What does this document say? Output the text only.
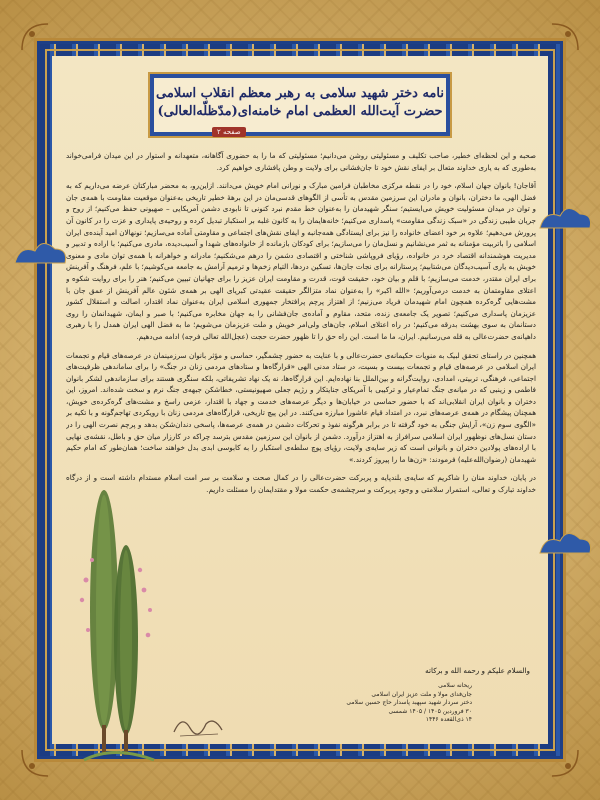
نامه دختر شهید سلامی به رهبر معظم انقلاب اسلامی
حضرت آیت‌الله العظمی امام خامنه‌ای(مدّظلّه‌العالی)
صفحه ۲

صحبه و این لحظه‌ای خطیر، صاحب تکلیف و مسئولیتی روشن می‌دانیم؛ مسئولیتی که ما را به حضوری آگاهانه، متعهدانه و استوار در این میدان فرامی‌خواند به‌طوری که به یاری خداوند متعال بر ایفای نقش خود تا جان‌فشانی برای ولایت و وطن پافشاری خواهیم کرد.

آقاجان! بانوان جهان اسلام، خود را در نقطه مرکزی مخاطبان فرامین مبارک و نورانی امام خویش می‌دانند. ازاین‌رو، به محضر مبارکتان عرضه می‌داریم که به فضل الهی، ما دختران، بانوان و مادران این سرزمین مقدس به تأسی از الگوهای قدسی‌مان در این برههٔ خطیر تاریخی به‌عنوان موقعیت مقاومت با همه‌ی جان و توان در میدان مسئولیت خویش می‌ایستیم؛ سنگر شهیدمان را به‌عنوان خط مقدم نبرد کنونی تا نابودی دشمن آمریکایی – صهیونی حفظ می‌کنیم؛ از روح و جریان طیبی زندگی در «سبک زندگی مقاومت» پاسداری می‌کنیم؛ خانه‌هایمان را به کانون غلبه بر استکبار تبدیل کرده و روحیه‌ی پایداری و عزت را در کانون آن پرورش می‌دهیم؛ علاوه بر خود اعضای خانواده را نیز برای ایستادگی همه‌جانبه و ایفای نقش‌های اجتماعی و مقاومتی آماده می‌سازیم؛ نونهالان امید آینده‌ی ایران اسلامی را باتربیت مؤمنانه به ثمر می‌نشانیم و نسل‌مان را می‌سازیم؛ برای کودکان بازمانده از خانواده‌های شهدا و آسیب‌دیده، مادری می‌کنیم؛ با اراده و تدبیر و مدیریت هوشمندانه اقتصاد خرد در خانواده، رؤیای فروپاشی شناختی و اقتصادی دشمن را درهم می‌شکنیم؛ مادرانه و خواهرانه با همه‌ی توان مادی و معنوی خویش به یاری آسیب‌دیدگان می‌شتابیم؛ پرستارانه برای نجات جان‌ها، تسکین دردها، التیام زخم‌ها و ترمیم آرامش به جامعه می‌کوشیم؛ با علم، فرهنگ و آفرینش برای ایران مقتدر، خدمت می‌سازیم؛ با قلم و بیان خود، حقیقت قوت، قدرت و مقاومت ایران عزیز را برای جهانیان تبیین می‌کنیم؛ هنر را برای روایت شکوه و اعتلای مقاومتمان به خدمت درمی‌آوریم؛ «الله اکبر» را به‌عنوان نماد متزالگر حقیقت عقیدتی کبریای الهی بر همه‌ی شئون عالم آفرینش از عمق جان با مشت‌هایی گره‌کرده همچون امام شهیدمان فریاد می‌زنیم؛ از اهتزاز پرچم پرافتخار جمهوری اسلامی ایران به‌عنوان نماد اقتدار، اصالت و استقلال کشور عزیزمان پاسداری می‌کنیم؛ تصویر یک جامعه‌ی زنده، متحد، مقاوم و آماده‌ی جان‌فشانی را به جهان مخابره می‌کنیم؛ با صبر و ایمان، شهیدانمان را روی دستانمان به سوی بهشت بدرقه می‌کنیم؛ در راه اعتلای اسلام، جان‌های ولی‌امر خویش و ملت عزیزمان می‌شویم؛ ما به فضل الهی ایران همدل را با رهبری داهیانه‌ی حضرت‌عالی به قله می‌رسانیم. ایران، ما ما است. این راه حق را تا ظهور حضرت حجت (عجل‌الله تعالی فرجه) ادامه می‌دهیم.

همچنین در راستای تحقق لبیک به منویات حکیمانه‌ی حضرت‌عالی و با عنایت به حضور چشمگیر، حماسی و مؤثر بانوان سرزمینمان در عرصه‌های قیام و تجمعات ایران اسلامی در عرصه‌های قیام و تجمعات بیست و بسیت، در ستاد مدنی الهی «قرارگاه‌ها و ستادهای مردمی زنان در جنگ» را برای ساماندهی ظرفیت‌های اجتماعی، فرهنگی، تربیتی، امدادی، روایت‌گرانه و بین‌الملل بنا نهاده‌ایم. این قرارگاه‌ها، نه یک نهاد تشریفاتی، بلکه سنگری هستند برای سازماندهی لشکر بانوان فاطمی و زینبی که در میانه‌ی جنگ تمام‌عیار و ترکیبی با آمریکای جنایتکار و رژیم جعلی صهیونیستی، خطاشکن جبهه‌ی جنگ نرم و سخت شده‌اند. امروز، این دختران و بانوان ایران انقلابی‌اند که با حضور حماسی در خیابان‌ها و دیگر عرصه‌های خدمت و جهاد با اقتدار، عزمی راسخ و مشت‌های گره‌کرده‌ی خویش، همچنان پیشگام در همه‌ی عرصه‌های نبرد، در امتداد قیام عاشورا مبارزه می‌کنند. در این پیچ تاریخی، قرارگاه‌های مردمی زنان با رویکردی تهاجم‌گونه و با تکیه بر «الگوی سوم زن»، آرایش جنگی به خود گرفته تا در برابر هرگونه نفوذ و تحرکات دشمن در همه‌ی عرصه‌ها، پاسخی دندان‌شکن بدهد و پرچم نصرت الهی را در دستان نسل‌های نوظهور ایران اسلامی سرافراز به اهتزاز درآورد. دشمن از بانوان این سرزمین مقدس بترسد چراکه در کارزار میان حق و باطل، نقشه‌ی نهایی با اراده‌های پولادین دختران و بانوانی است که زیر سایه‌ی ولایت، رؤیای پوچ سلطه‌ی استکبار را به کابوسی ابدی بدل خواهند ساخت؛ همان‌طور که امام حکیم شهیدمان (رضوان‌الله‌علیه) فرمودند: «زن‌ها ما را پیروز کردند.»

در پایان، خداوند منان را شاکریم که سایه‌ی بلندپایه و پربرکت حضرت‌عالی را در کمال صحت و سلامت بر سر امت اسلام مستدام داشته است و از درگاه خداوند تبارک و تعالی، استمرار سلامتی و وجود پربرکت و سرچشمه‌ی حکمت مولا و مقتدایمان را مسئلت داریم.

والسلام علیکم و رحمه الله و برکاته
ریحانه سلامی
جان‌فدای مولا و ملت عزیز ایران اسلامی
دختر سردار شهید سپهبد پاسدار حاج حسین سلامی
۳۰ فروردین ۱۴۰۵ / ۱۴۰۵ شمسی
۱۴ ذی‌القعده ۱۴۴۶
